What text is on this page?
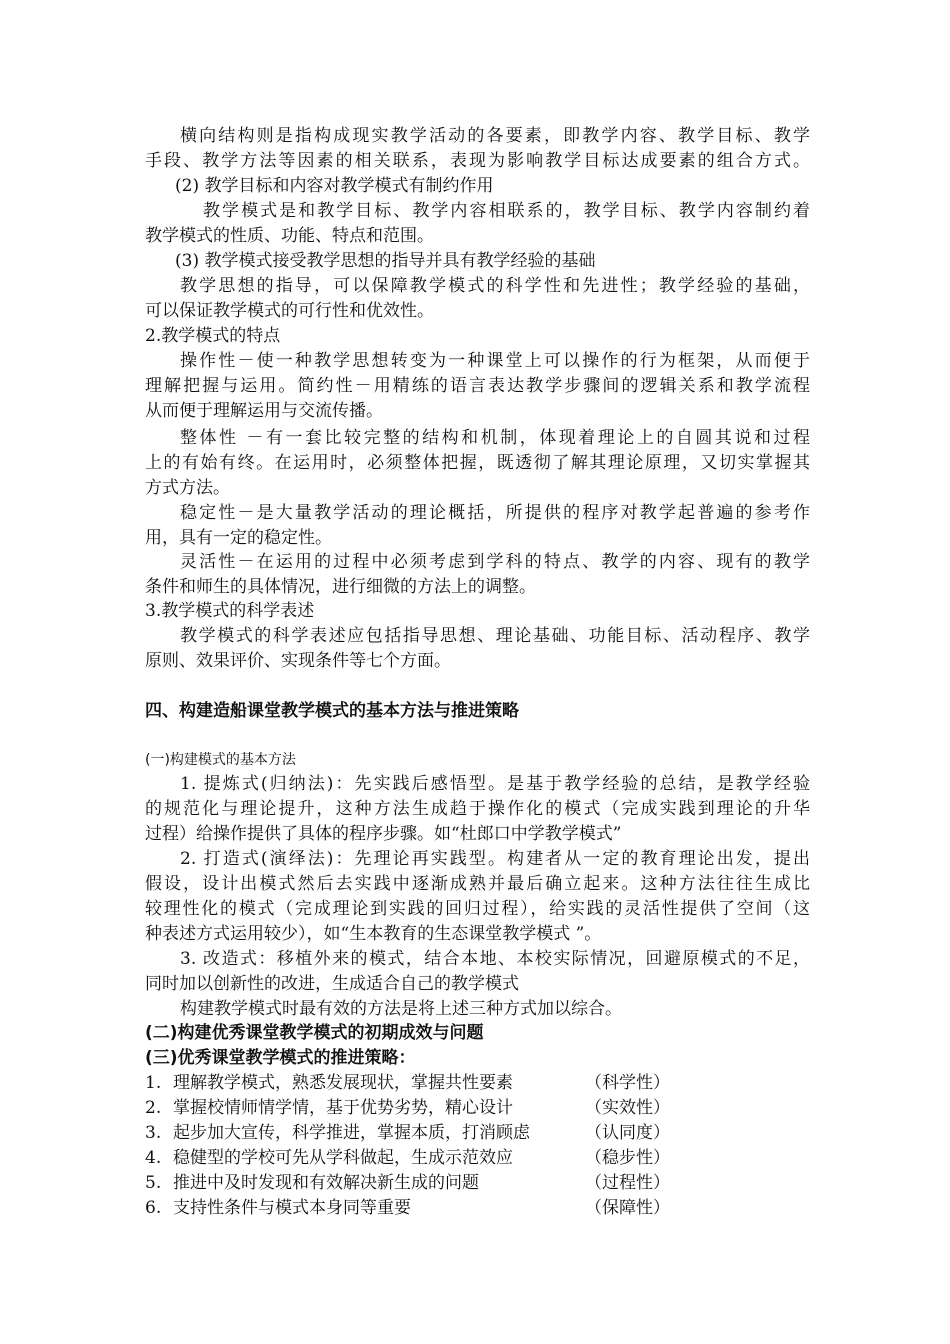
横向结构则是指构成现实教学活动的各要素，即教学内容、教学目标、教学
手段、教学方法等因素的相关联系，表现为影响教学目标达成要素的组合方式。
(2) 教学目标和内容对教学模式有制约作用
教学模式是和教学目标、教学内容相联系的，教学目标、教学内容制约着
教学模式的性质、功能、特点和范围。
(3) 教学模式接受教学思想的指导并具有教学经验的基础
教学思想的指导，可以保障教学模式的科学性和先进性；教学经验的基础，
可以保证教学模式的可行性和优效性。
2.教学模式的特点
操作性－使一种教学思想转变为一种课堂上可以操作的行为框架，从而便于
理解把握与运用。简约性－用精练的语言表达教学步骤间的逻辑关系和教学流程
从而便于理解运用与交流传播。
整体性 －有一套比较完整的结构和机制，体现着理论上的自圆其说和过程
上的有始有终。在运用时，必须整体把握，既透彻了解其理论原理，又切实掌握其
方式方法。
稳定性－是大量教学活动的理论概括，所提供的程序对教学起普遍的参考作
用，具有一定的稳定性。
灵活性－在运用的过程中必须考虑到学科的特点、教学的内容、现有的教学
条件和师生的具体情况，进行细微的方法上的调整。
3.教学模式的科学表述
教学模式的科学表述应包括指导思想、理论基础、功能目标、活动程序、教学
原则、效果评价、实现条件等七个方面。
四、构建造船课堂教学模式的基本方法与推进策略
(一)构建模式的基本方法
1. 提炼式(归纳法)：先实践后感悟型。是基于教学经验的总结，是教学经验
的规范化与理论提升，这种方法生成趋于操作化的模式（完成实践到理论的升华
过程）给操作提供了具体的程序步骤。如“杜郎口中学教学模式”
2. 打造式(演绎法)：先理论再实践型。构建者从一定的教育理论出发，提出
假设，设计出模式然后去实践中逐渐成熟并最后确立起来。这种方法往往生成比
较理性化的模式（完成理论到实践的回归过程），给实践的灵活性提供了空间（这
种表述方式运用较少），如“生本教育的生态课堂教学模式 ”。
3. 改造式：移植外来的模式，结合本地、本校实际情况，回避原模式的不足，
同时加以创新性的改进，生成适合自己的教学模式
构建教学模式时最有效的方法是将上述三种方式加以综合。
(二)构建优秀课堂教学模式的初期成效与问题
(三)优秀课堂教学模式的推进策略：
1. 理解教学模式，熟悉发展现状，掌握共性要素	（科学性）
2. 掌握校情师情学情，基于优势劣势，精心设计	（实效性）
3. 起步加大宣传，科学推进，掌握本质，打消顾虑	（认同度）
4. 稳健型的学校可先从学科做起，生成示范效应	（稳步性）
5. 推进中及时发现和有效解决新生成的问题	（过程性）
6. 支持性条件与模式本身同等重要	（保障性）
